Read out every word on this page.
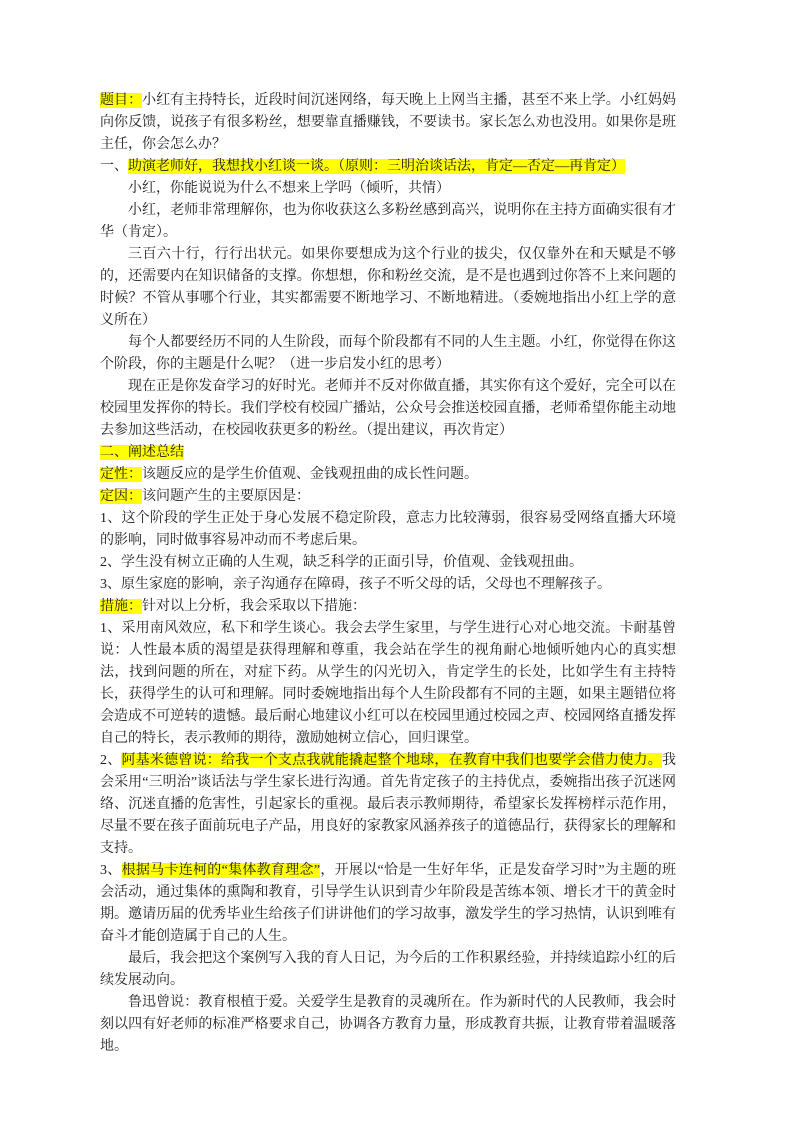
题目：小红有主持特长，近段时间沉迷网络，每天晚上上网当主播，甚至不来上学。小红妈妈向你反馈，说孩子有很多粉丝，想要靠直播赚钱，不要读书。家长怎么劝也没用。如果你是班主任，你会怎么办？

一、助演老师好，我想找小红谈一谈。（原则：三明治谈话法，肯定—否定—再肯定）

小红，你能说说为什么不想来上学吗（倾听，共情）

小红，老师非常理解你，也为你收获这么多粉丝感到高兴，说明你在主持方面确实很有才华（肯定）。

三百六十行，行行出状元。如果你要想成为这个行业的拔尖，仅仅靠外在和天赋是不够的，还需要内在知识储备的支撑。你想想，你和粉丝交流，是不是也遇到过你答不上来问题的时候？不管从事哪个行业，其实都需要不断地学习、不断地精进。（委婉地指出小红上学的意义所在）

每个人都要经历不同的人生阶段，而每个阶段都有不同的人生主题。小红，你觉得在你这个阶段，你的主题是什么呢？（进一步启发小红的思考）

现在正是你发奋学习的好时光。老师并不反对你做直播，其实你有这个爱好，完全可以在校园里发挥你的特长。我们学校有校园广播站，公众号会推送校园直播，老师希望你能主动地去参加这些活动，在校园收获更多的粉丝。（提出建议，再次肯定）

二、阐述总结

定性：该题反应的是学生价值观、金钱观扭曲的成长性问题。

定因：该问题产生的主要原因是：

1、这个阶段的学生正处于身心发展不稳定阶段，意志力比较薄弱，很容易受网络直播大环境的影响，同时做事容易冲动而不考虑后果。

2、学生没有树立正确的人生观，缺乏科学的正面引导，价值观、金钱观扭曲。

3、原生家庭的影响，亲子沟通存在障碍，孩子不听父母的话，父母也不理解孩子。

措施：针对以上分析，我会采取以下措施：

1、采用南风效应，私下和学生谈心。我会去学生家里，与学生进行心对心地交流。卡耐基曾说：人性最本质的渴望是获得理解和尊重，我会站在学生的视角耐心地倾听她内心的真实想法，找到问题的所在，对症下药。从学生的闪光切入，肯定学生的长处，比如学生有主持特长，获得学生的认可和理解。同时委婉地指出每个人生阶段都有不同的主题，如果主题错位将会造成不可逆转的遗憾。最后耐心地建议小红可以在校园里通过校园之声、校园网络直播发挥自己的特长，表示教师的期待，激励她树立信心，回归课堂。

2、阿基米德曾说：给我一个支点我就能撬起整个地球，在教育中我们也要学会借力使力。我会采用“三明治”谈话法与学生家长进行沟通。首先肯定孩子的主持优点，委婉指出孩子沉迷网络、沉迷直播的危害性，引起家长的重视。最后表示教师期待，希望家长发挥榜样示范作用，尽量不要在孩子面前玩电子产品，用良好的家教家风涵养孩子的道德品行，获得家长的理解和支持。

3、根据马卡连柯的“集体教育理念”，开展以“恰是一生好年华，正是发奋学习时”为主题的班会活动，通过集体的熏陶和教育，引导学生认识到青少年阶段是苦练本领、增长才干的黄金时期。邀请历届的优秀毕业生给孩子们讲讲他们的学习故事，激发学生的学习热情，认识到唯有奋斗才能创造属于自己的人生。

最后，我会把这个案例写入我的育人日记，为今后的工作积累经验，并持续追踪小红的后续发展动向。

鲁迅曾说：教育根植于爱。关爱学生是教育的灵魂所在。作为新时代的人民教师，我会时刻以四有好老师的标准严格要求自己，协调各方教育力量，形成教育共振，让教育带着温暖落地。
